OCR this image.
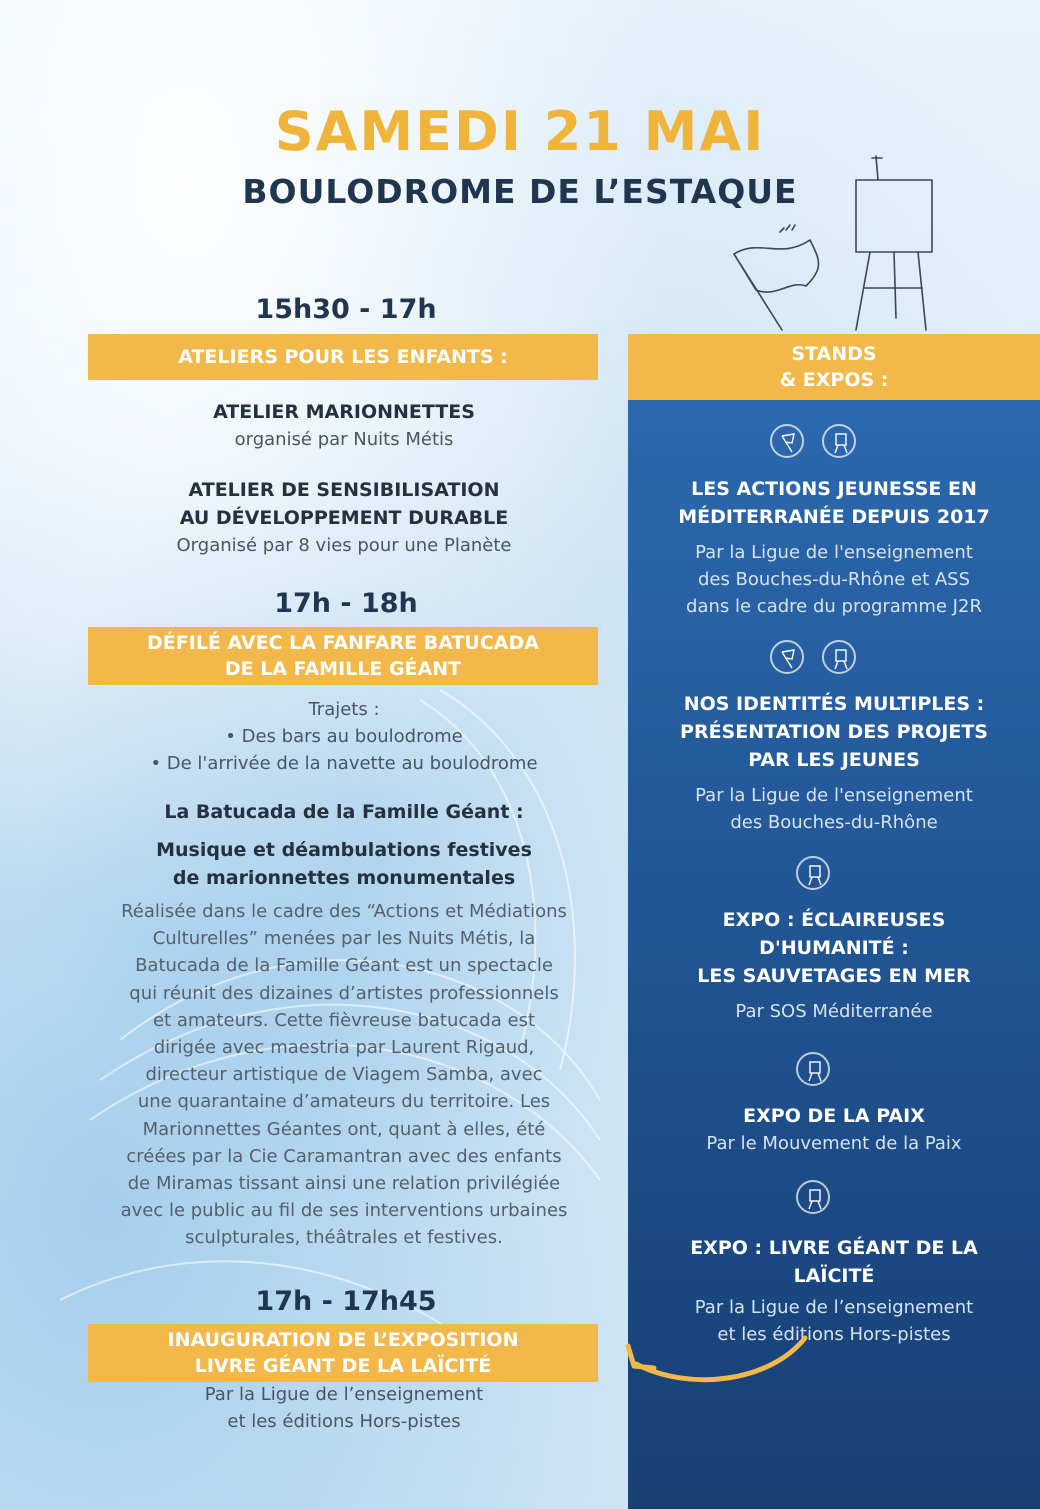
SAMEDI 21 MAI
BOULODROME DE L’ESTAQUE
15h30 - 17h
ATELIERS POUR LES ENFANTS :
ATELIER MARIONNETTES
organisé par Nuits Métis
ATELIER DE SENSIBILISATION
AU DÉVELOPPEMENT DURABLE
Organisé par 8 vies pour une Planète
17h - 18h
DÉFILÉ AVEC LA FANFARE BATUCADA
DE LA FAMILLE GÉANT
Trajets :
• Des bars au boulodrome
• De l'arrivée de la navette au boulodrome
La Batucada de la Famille Géant :
Musique et déambulations festives
de marionnettes monumentales
Réalisée dans le cadre des “Actions et Médiations
Culturelles” menées par les Nuits Métis, la
Batucada de la Famille Géant est un spectacle
qui réunit des dizaines d’artistes professionnels
et amateurs. Cette fièvreuse batucada est
dirigée avec maestria par Laurent Rigaud,
directeur artistique de Viagem Samba, avec
une quarantaine d’amateurs du territoire. Les
Marionnettes Géantes ont, quant à elles, été
créées par la Cie Caramantran avec des enfants
de Miramas tissant ainsi une relation privilégiée
avec le public au fil de ses interventions urbaines
sculpturales, théâtrales et festives.
17h - 17h45
INAUGURATION DE L’EXPOSITION
LIVRE GÉANT DE LA LAÏCITÉ
Par la Ligue de l’enseignement
et les éditions Hors-pistes
STANDS
& EXPOS :
LES ACTIONS JEUNESSE EN
MÉDITERRANÉE DEPUIS 2017
Par la Ligue de l'enseignement
des Bouches-du-Rhône et ASS
dans le cadre du programme J2R
NOS IDENTITÉS MULTIPLES :
PRÉSENTATION DES PROJETS
PAR LES JEUNES
Par la Ligue de l'enseignement
des Bouches-du-Rhône
EXPO : ÉCLAIREUSES
D'HUMANITÉ :
LES SAUVETAGES EN MER
Par SOS Méditerranée
EXPO DE LA PAIX
Par le Mouvement de la Paix
EXPO : LIVRE GÉANT DE LA
LAÏCITÉ
Par la Ligue de l’enseignement
et les éditions Hors-pistes
